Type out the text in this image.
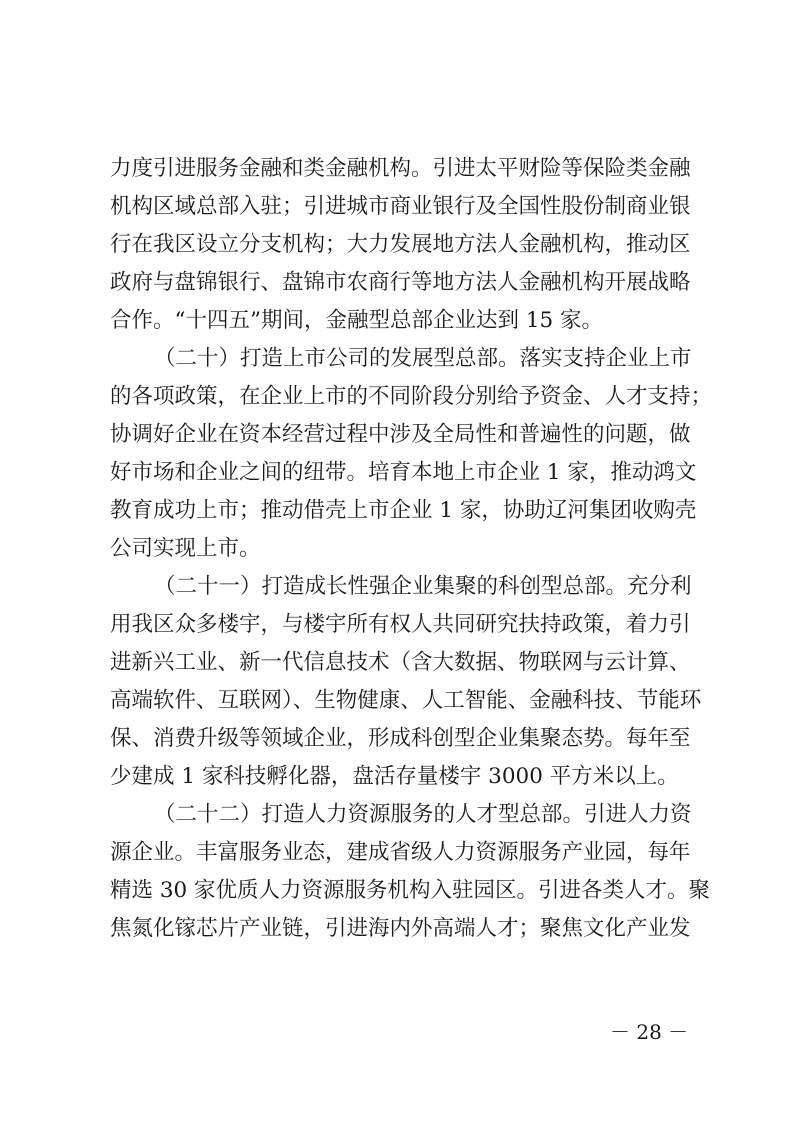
力度引进服务金融和类金融机构。引进太平财险等保险类金融
机构区域总部入驻；引进城市商业银行及全国性股份制商业银
行在我区设立分支机构；大力发展地方法人金融机构，推动区
政府与盘锦银行、盘锦市农商行等地方法人金融机构开展战略
合作。“十四五”期间，金融型总部企业达到 15 家。
（二十）打造上市公司的发展型总部。落实支持企业上市
的各项政策，在企业上市的不同阶段分别给予资金、人才支持；
协调好企业在资本经营过程中涉及全局性和普遍性的问题，做
好市场和企业之间的纽带。培育本地上市企业 1 家，推动鸿文
教育成功上市；推动借壳上市企业 1 家，协助辽河集团收购壳
公司实现上市。
（二十一）打造成长性强企业集聚的科创型总部。充分利
用我区众多楼宇，与楼宇所有权人共同研究扶持政策，着力引
进新兴工业、新一代信息技术（含大数据、物联网与云计算、
高端软件、互联网）、生物健康、人工智能、金融科技、节能环
保、消费升级等领域企业，形成科创型企业集聚态势。每年至
少建成 1 家科技孵化器，盘活存量楼宇 3000 平方米以上。
（二十二）打造人力资源服务的人才型总部。引进人力资
源企业。丰富服务业态，建成省级人力资源服务产业园，每年
精选 30 家优质人力资源服务机构入驻园区。引进各类人才。聚
焦氮化镓芯片产业链，引进海内外高端人才；聚焦文化产业发
－ 28 －
